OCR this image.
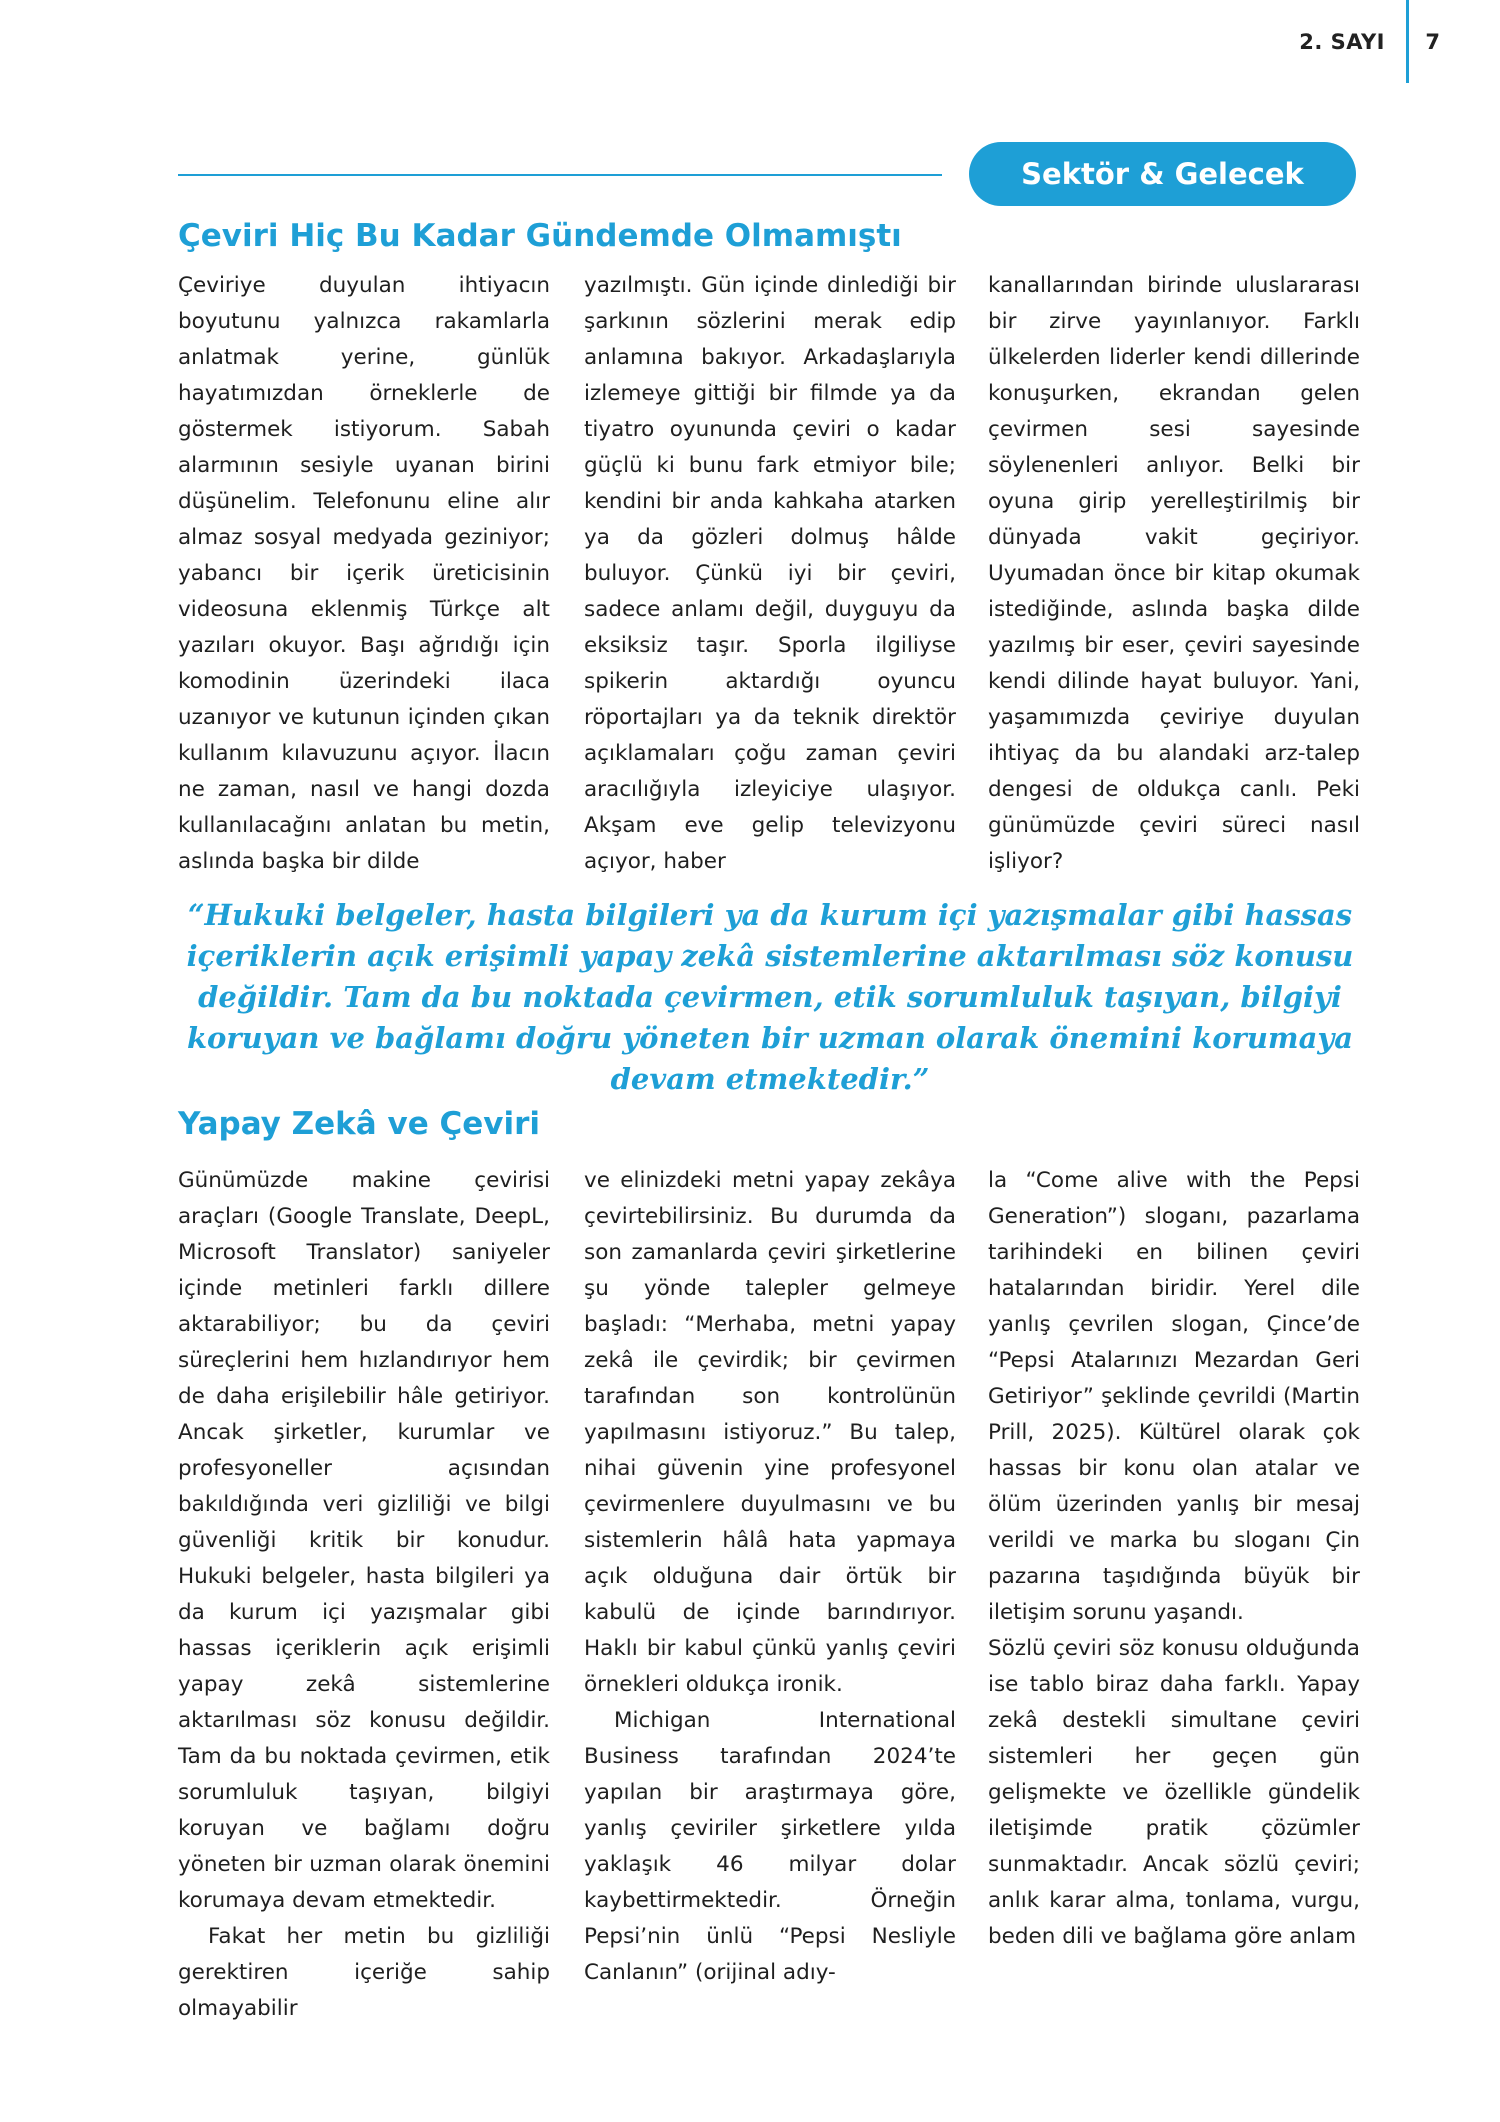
2. SAYI 7
Sektör & Gelecek
Çeviri Hiç Bu Kadar Gündemde Olmamıştı

Çeviriye duyulan ihtiyacın boyutunu yalnızca rakamlarla anlatmak yerine, günlük hayatımızdan örneklerle de göstermek istiyorum. Sabah alarmının sesiyle uyanan birini düşünelim. Telefonunu eline alır almaz sosyal medyada geziniyor; yabancı bir içerik üreticisinin videosuna eklenmiş Türkçe alt yazıları okuyor. Başı ağrıdığı için komodinin üzerindeki ilaca uzanıyor ve kutunun içinden çıkan kullanım kılavuzunu açıyor. İlacın ne zaman, nasıl ve hangi dozda kullanılacağını anlatan bu metin, aslında başka bir dilde

yazılmıştı. Gün içinde dinlediği bir şarkının sözlerini merak edip anlamına bakıyor. Arkadaşlarıyla izlemeye gittiği bir filmde ya da tiyatro oyununda çeviri o kadar güçlü ki bunu fark etmiyor bile; kendini bir anda kahkaha atarken ya da gözleri dolmuş hâlde buluyor. Çünkü iyi bir çeviri, sadece anlamı değil, duyguyu da eksiksiz taşır. Sporla ilgiliyse spikerin aktardığı oyuncu röportajları ya da teknik direktör açıklamaları çoğu zaman çeviri aracılığıyla izleyiciye ulaşıyor. Akşam eve gelip televizyonu açıyor, haber

kanallarından birinde uluslararası bir zirve yayınlanıyor. Farklı ülkelerden liderler kendi dillerinde konuşurken, ekrandan gelen çevirmen sesi sayesinde söylenenleri anlıyor. Belki bir oyuna girip yerelleştirilmiş bir dünyada vakit geçiriyor. Uyumadan önce bir kitap okumak istediğinde, aslında başka dilde yazılmış bir eser, çeviri sayesinde kendi dilinde hayat buluyor. Yani, yaşamımızda çeviriye duyulan ihtiyaç da bu alandaki arz-talep dengesi de oldukça canlı. Peki günümüzde çeviri süreci nasıl işliyor?

“Hukuki belgeler, hasta bilgileri ya da kurum içi yazışmalar gibi hassas içeriklerin açık erişimli yapay zekâ sistemlerine aktarılması söz konusu değildir. Tam da bu noktada çevirmen, etik sorumluluk taşıyan, bilgiyi koruyan ve bağlamı doğru yöneten bir uzman olarak önemini korumaya devam etmektedir.”

Yapay Zekâ ve Çeviri

Günümüzde makine çevirisi araçları (Google Translate, DeepL, Microsoft Translator) saniyeler içinde metinleri farklı dillere aktarabiliyor; bu da çeviri süreçlerini hem hızlandırıyor hem de daha erişilebilir hâle getiriyor. Ancak şirketler, kurumlar ve profesyoneller açısından bakıldığında veri gizliliği ve bilgi güvenliği kritik bir konudur. Hukuki belgeler, hasta bilgileri ya da kurum içi yazışmalar gibi hassas içeriklerin açık erişimli yapay zekâ sistemlerine aktarılması söz konusu değildir. Tam da bu noktada çevirmen, etik sorumluluk taşıyan, bilgiyi koruyan ve bağlamı doğru yöneten bir uzman olarak önemini korumaya devam etmektedir.

Fakat her metin bu gizliliği gerektiren içeriğe sahip olmayabilir

ve elinizdeki metni yapay zekâya çevirtebilirsiniz. Bu durumda da son zamanlarda çeviri şirketlerine şu yönde talepler gelmeye başladı: “Merhaba, metni yapay zekâ ile çevirdik; bir çevirmen tarafından son kontrolünün yapılmasını istiyoruz.” Bu talep, nihai güvenin yine profesyonel çevirmenlere duyulmasını ve bu sistemlerin hâlâ hata yapmaya açık olduğuna dair örtük bir kabulü de içinde barındırıyor. Haklı bir kabul çünkü yanlış çeviri örnekleri oldukça ironik.

Michigan International Business tarafından 2024’te yapılan bir araştırmaya göre, yanlış çeviriler şirketlere yılda yaklaşık 46 milyar dolar kaybettirmektedir. Örneğin Pepsi’nin ünlü “Pepsi Nesliyle Canlanın” (orijinal adıy-

la “Come alive with the Pepsi Generation”) sloganı, pazarlama tarihindeki en bilinen çeviri hatalarından biridir. Yerel dile yanlış çevrilen slogan, Çince’de “Pepsi Atalarınızı Mezardan Geri Getiriyor” şeklinde çevrildi (Martin Prill, 2025). Kültürel olarak çok hassas bir konu olan atalar ve ölüm üzerinden yanlış bir mesaj verildi ve marka bu sloganı Çin pazarına taşıdığında büyük bir iletişim sorunu yaşandı.

Sözlü çeviri söz konusu olduğunda ise tablo biraz daha farklı. Yapay zekâ destekli simultane çeviri sistemleri her geçen gün gelişmekte ve özellikle gündelik iletişimde pratik çözümler sunmaktadır. Ancak sözlü çeviri; anlık karar alma, tonlama, vurgu, beden dili ve bağlama göre anlam
